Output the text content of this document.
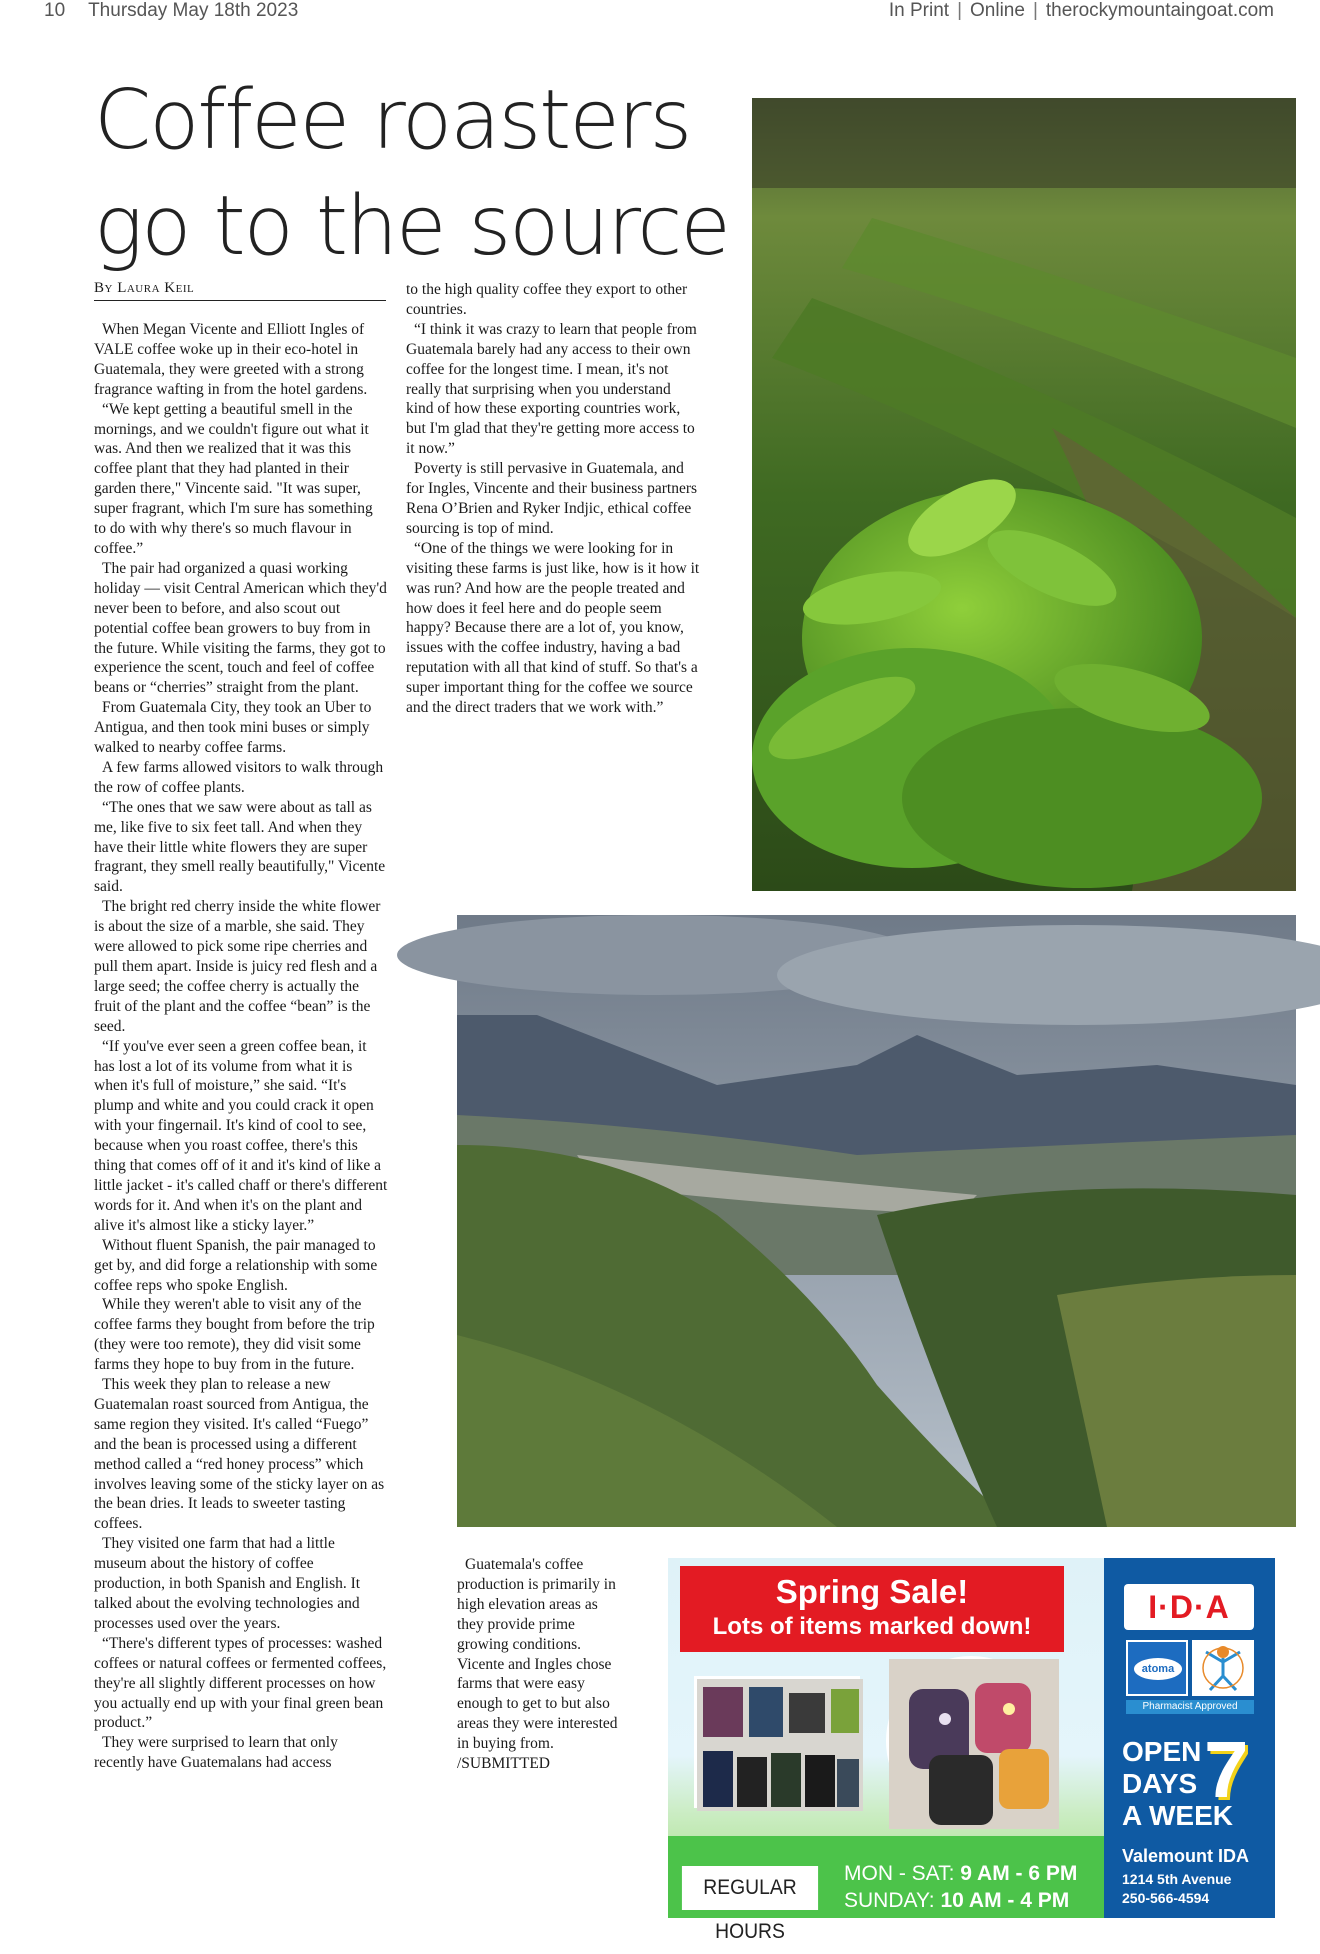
10 Thursday May 18th 2023	In Print | Online | therockymountaingoat.com
Coffee roasters go to the source
By Laura Keil

When Megan Vicente and Elliott Ingles of VALE coffee woke up in their eco-hotel in Guatemala, they were greeted with a strong fragrance wafting in from the hotel gardens.

“We kept getting a beautiful smell in the mornings, and we couldn't figure out what it was. And then we realized that it was this coffee plant that they had planted in their garden there," Vincente said. "It was super, super fragrant, which I'm sure has something to do with why there's so much flavour in coffee.”

The pair had organized a quasi working holiday — visit Central American which they'd never been to before, and also scout out potential coffee bean growers to buy from in the future. While visiting the farms, they got to experience the scent, touch and feel of coffee beans or “cherries” straight from the plant.

From Guatemala City, they took an Uber to Antigua, and then took mini buses or simply walked to nearby coffee farms.

A few farms allowed visitors to walk through the row of coffee plants.

“The ones that we saw were about as tall as me, like five to six feet tall. And when they have their little white flowers they are super fragrant, they smell really beautifully," Vicente said.

The bright red cherry inside the white flower is about the size of a marble, she said. They were allowed to pick some ripe cherries and pull them apart. Inside is juicy red flesh and a large seed; the coffee cherry is actually the fruit of the plant and the coffee “bean” is the seed.

“If you've ever seen a green coffee bean, it has lost a lot of its volume from what it is when it's full of moisture,” she said. “It's plump and white and you could crack it open with your fingernail. It's kind of cool to see, because when you roast coffee, there's this thing that comes off of it and it's kind of like a little jacket - it's called chaff or there's different words for it. And when it's on the plant and alive it's almost like a sticky layer.”

Without fluent Spanish, the pair managed to get by, and did forge a relationship with some coffee reps who spoke English.

While they weren't able to visit any of the coffee farms they bought from before the trip (they were too remote), they did visit some farms they hope to buy from in the future.

This week they plan to release a new Guatemalan roast sourced from Antigua, the same region they visited. It's called “Fuego” and the bean is processed using a different method called a “red honey process” which involves leaving some of the sticky layer on as the bean dries. It leads to sweeter tasting coffees.

They visited one farm that had a little museum about the history of coffee production, in both Spanish and English. It talked about the evolving technologies and processes used over the years.

“There's different types of processes: washed coffees or natural coffees or fermented coffees, they're all slightly different processes on how you actually end up with your final green bean product.”

They were surprised to learn that only recently have Guatemalans had access

to the high quality coffee they export to other countries.

“I think it was crazy to learn that people from Guatemala barely had any access to their own coffee for the longest time. I mean, it's not really that surprising when you understand kind of how these exporting countries work, but I'm glad that they're getting more access to it now.”

Poverty is still pervasive in Guatemala, and for Ingles, Vincente and their business partners Rena O’Brien and Ryker Indjic, ethical coffee sourcing is top of mind.

“One of the things we were looking for in visiting these farms is just like, how is it how it was run? And how are the people treated and how does it feel here and do people seem happy? Because there are a lot of, you know, issues with the coffee industry, having a bad reputation with all that kind of stuff. So that's a super important thing for the coffee we source and the direct traders that we work with.”

Guatemala's coffee production is primarily in high elevation areas as they provide prime growing conditions. Vicente and Ingles chose farms that were easy enough to get to but also areas they were interested in buying from. /SUBMITTED

Spring Sale!
Lots of items marked down!
REGULAR HOURS
MON - SAT: 9 AM - 6 PM
SUNDAY: 10 AM - 4 PM
I·D·A
atoma
Pharmacist Approved
OPEN
DAYS
A WEEK
7
Valemount IDA
1214 5th Avenue
250-566-4594
